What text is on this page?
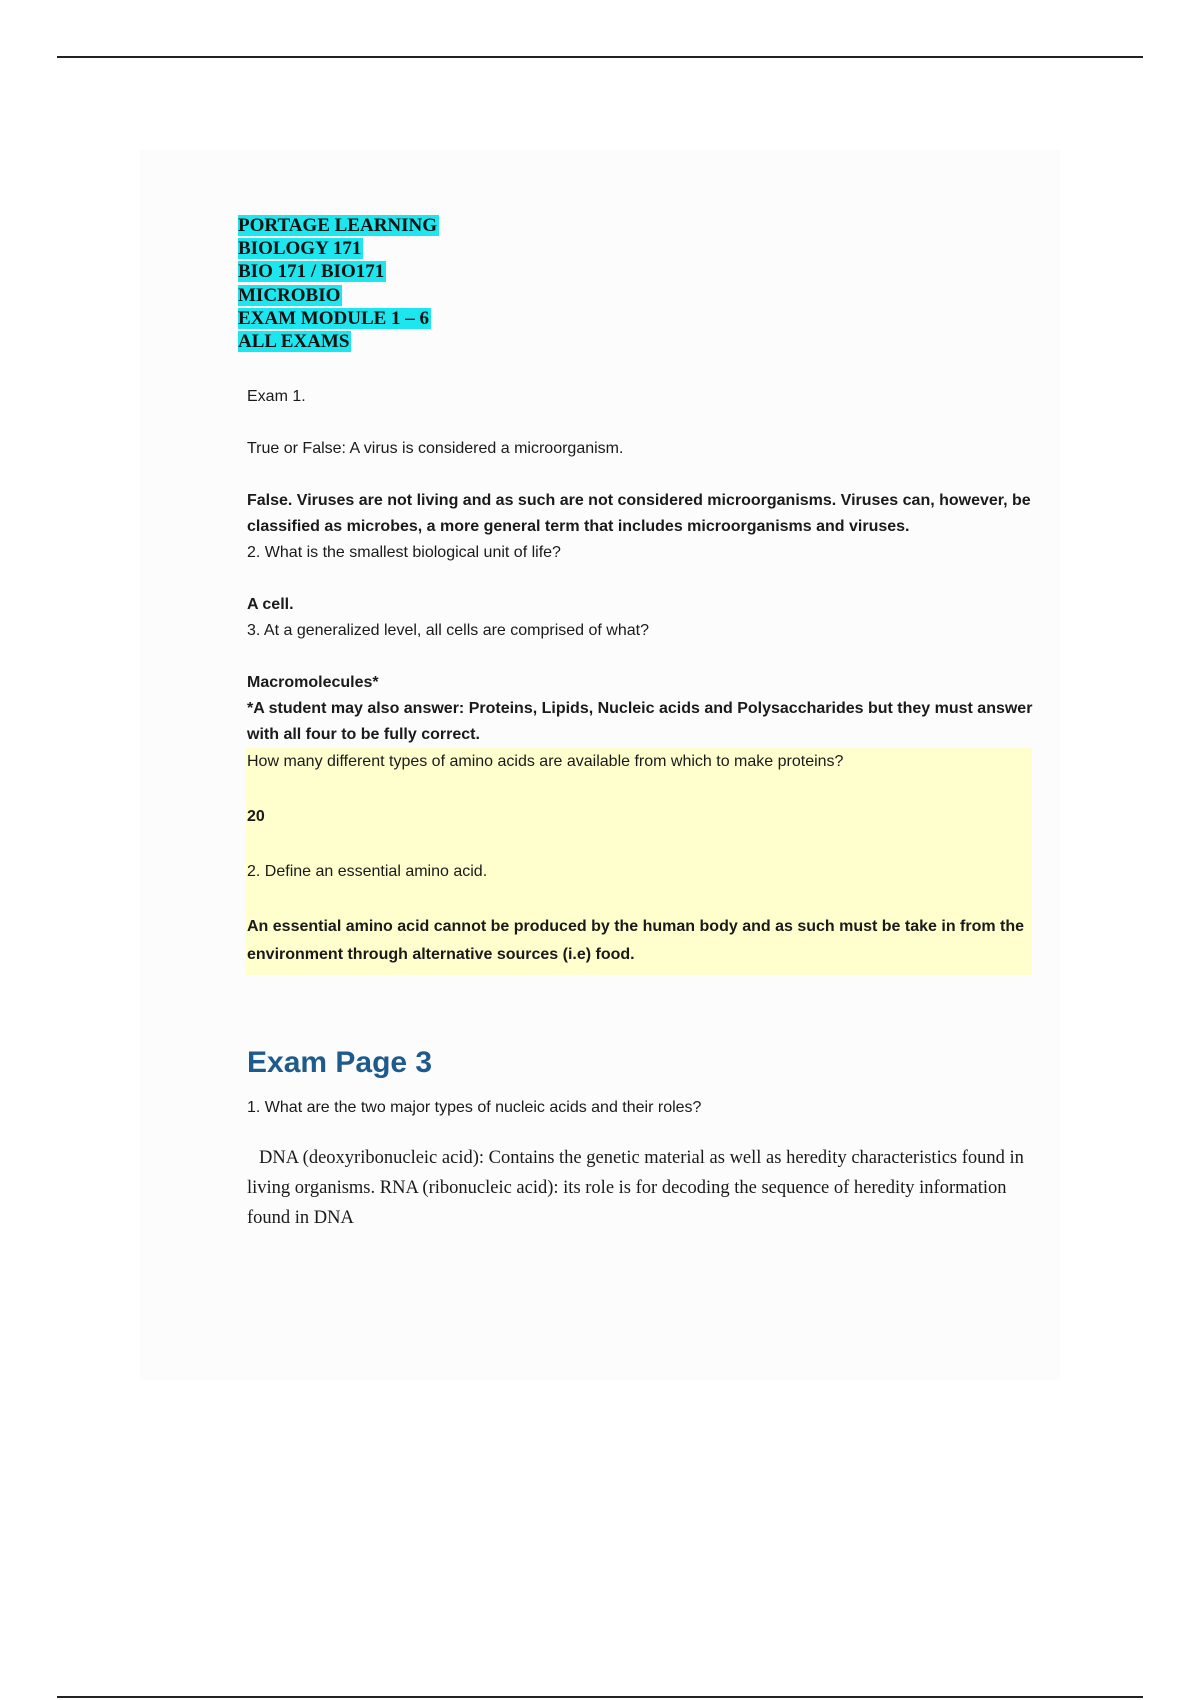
PORTAGE LEARNING
BIOLOGY 171
BIO 171 / BIO171
MICROBIO
EXAM MODULE 1 – 6
ALL EXAMS

Exam 1.

True or False: A virus is considered a microorganism.

False. Viruses are not living and as such are not considered microorganisms. Viruses can, however, be classified as microbes, a more general term that includes microorganisms and viruses.

2. What is the smallest biological unit of life?

A cell.

3. At a generalized level, all cells are comprised of what?

Macromolecules*

*A student may also answer: Proteins, Lipids, Nucleic acids and Polysaccharides but they must answer with all four to be fully correct.

How many different types of amino acids are available from which to make proteins?

20

2. Define an essential amino acid.

An essential amino acid cannot be produced by the human body and as such must be take in from the environment through alternative sources (i.e) food.

Exam Page 3

1. What are the two major types of nucleic acids and their roles?

DNA (deoxyribonucleic acid): Contains the genetic material as well as heredity characteristics found in living organisms. RNA (ribonucleic acid): its role is for decoding the sequence of heredity information found in DNA
